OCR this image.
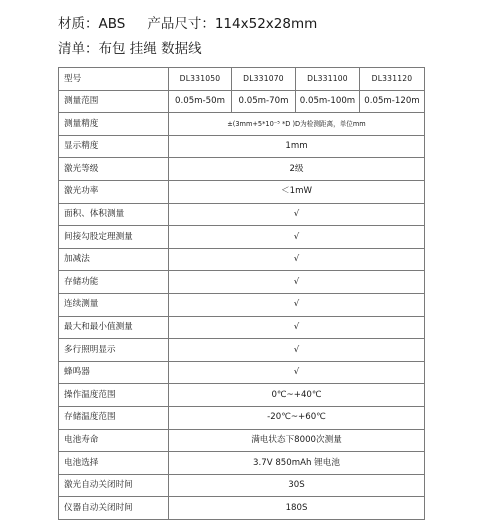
材质：ABS 产品尺寸：114x52x28mm
清单：布包 挂绳 数据线
型号	DL331050	DL331070	DL331100	DL331120
测量范围	0.05m-50m	0.05m-70m	0.05m-100m	0.05m-120m
测量精度	±(3mm+5*10⁻⁵ *D )D为检测距离，单位mm			
显示精度	1mm			
激光等级	2级			
激光功率	＜1mW			
面积、体积测量	√			
间接勾股定理测量	√			
加减法	√			
存储功能	√			
连续测量	√			
最大和最小值测量	√			
多行照明显示	√			
蜂鸣器	√			
操作温度范围	0℃~+40℃			
存储温度范围	-20℃~+60℃			
电池寿命	满电状态下8000次测量			
电池选择	3.7V 850mAh 锂电池			
激光自动关闭时间	30S			
仪器自动关闭时间	180S			
